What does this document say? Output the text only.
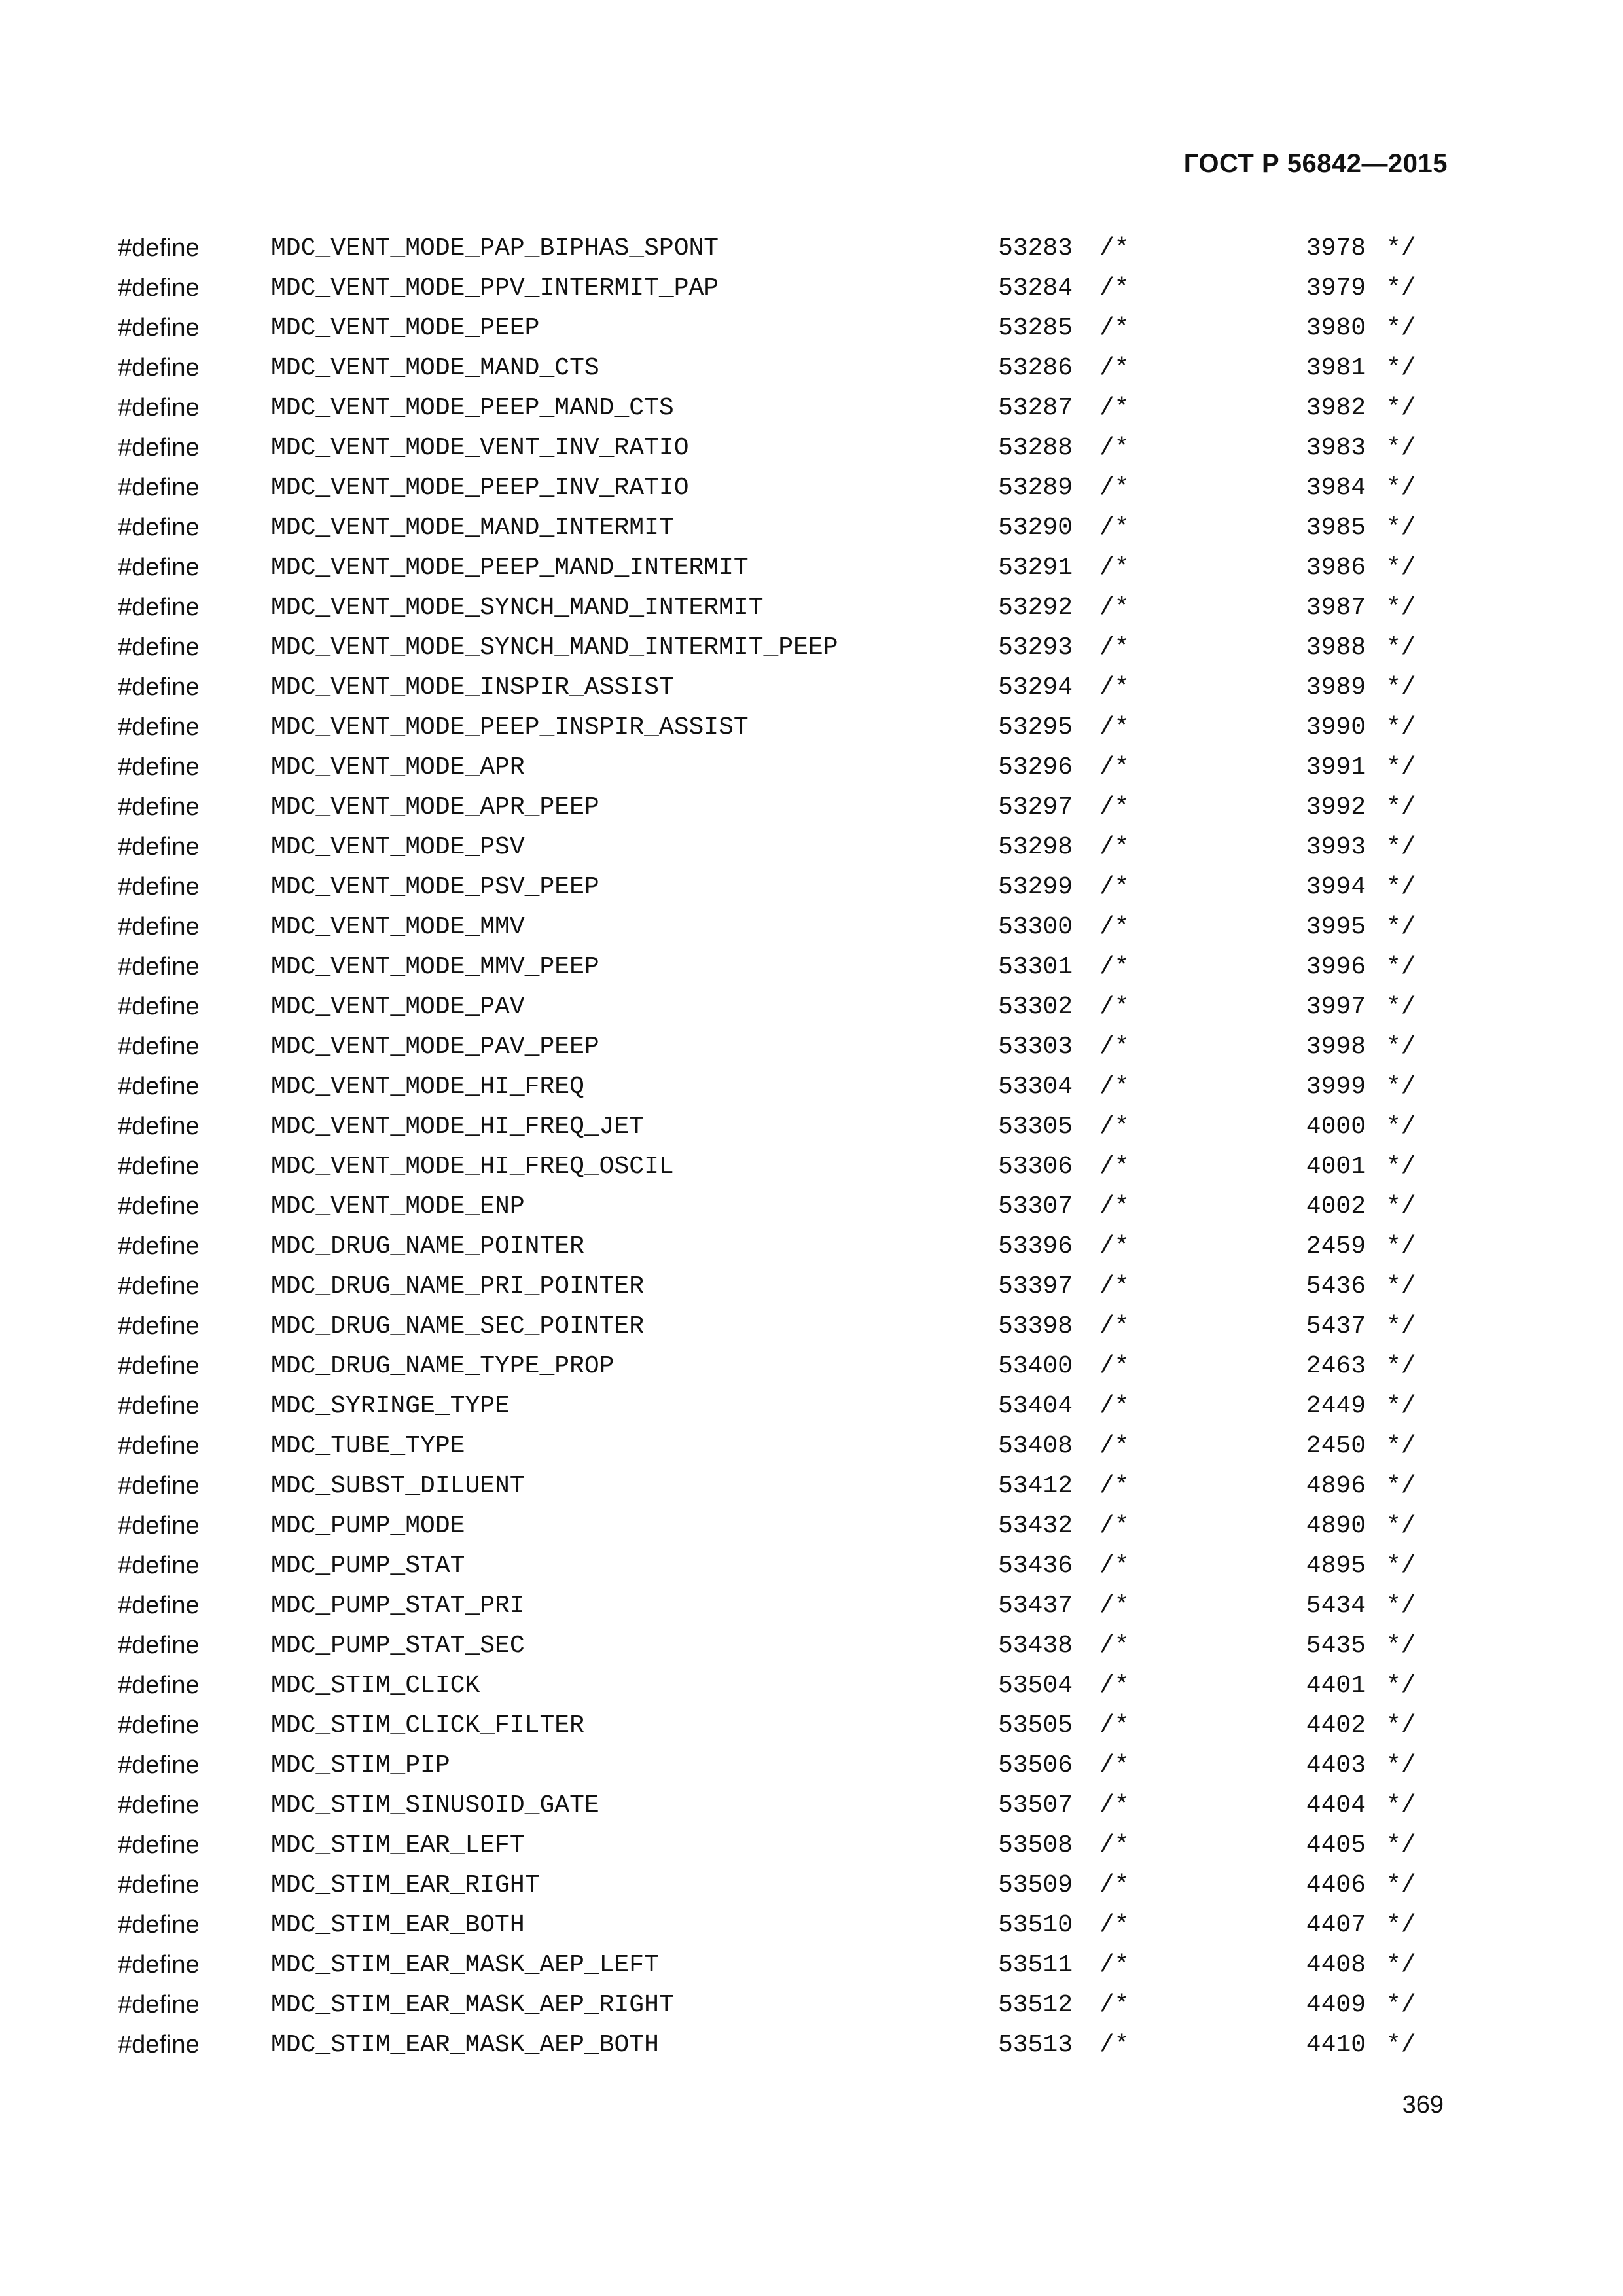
ГОСТ Р 56842—2015
#define	MDC_VENT_MODE_PAP_BIPHAS_SPONT	53283 /*	3978 */
#define	MDC_VENT_MODE_PPV_INTERMIT_PAP	53284 /*	3979 */
#define	MDC_VENT_MODE_PEEP	53285 /*	3980 */
#define	MDC_VENT_MODE_MAND_CTS	53286 /*	3981 */
#define	MDC_VENT_MODE_PEEP_MAND_CTS	53287 /*	3982 */
#define	MDC_VENT_MODE_VENT_INV_RATIO	53288 /*	3983 */
#define	MDC_VENT_MODE_PEEP_INV_RATIO	53289 /*	3984 */
#define	MDC_VENT_MODE_MAND_INTERMIT	53290 /*	3985 */
#define	MDC_VENT_MODE_PEEP_MAND_INTERMIT	53291 /*	3986 */
#define	MDC_VENT_MODE_SYNCH_MAND_INTERMIT	53292 /*	3987 */
#define	MDC_VENT_MODE_SYNCH_MAND_INTERMIT_PEEP	53293 /*	3988 */
#define	MDC_VENT_MODE_INSPIR_ASSIST	53294 /*	3989 */
#define	MDC_VENT_MODE_PEEP_INSPIR_ASSIST	53295 /*	3990 */
#define	MDC_VENT_MODE_APR	53296 /*	3991 */
#define	MDC_VENT_MODE_APR_PEEP	53297 /*	3992 */
#define	MDC_VENT_MODE_PSV	53298 /*	3993 */
#define	MDC_VENT_MODE_PSV_PEEP	53299 /*	3994 */
#define	MDC_VENT_MODE_MMV	53300 /*	3995 */
#define	MDC_VENT_MODE_MMV_PEEP	53301 /*	3996 */
#define	MDC_VENT_MODE_PAV	53302 /*	3997 */
#define	MDC_VENT_MODE_PAV_PEEP	53303 /*	3998 */
#define	MDC_VENT_MODE_HI_FREQ	53304 /*	3999 */
#define	MDC_VENT_MODE_HI_FREQ_JET	53305 /*	4000 */
#define	MDC_VENT_MODE_HI_FREQ_OSCIL	53306 /*	4001 */
#define	MDC_VENT_MODE_ENP	53307 /*	4002 */
#define	MDC_DRUG_NAME_POINTER	53396 /*	2459 */
#define	MDC_DRUG_NAME_PRI_POINTER	53397 /*	5436 */
#define	MDC_DRUG_NAME_SEC_POINTER	53398 /*	5437 */
#define	MDC_DRUG_NAME_TYPE_PROP	53400 /*	2463 */
#define	MDC_SYRINGE_TYPE	53404 /*	2449 */
#define	MDC_TUBE_TYPE	53408 /*	2450 */
#define	MDC_SUBST_DILUENT	53412 /*	4896 */
#define	MDC_PUMP_MODE	53432 /*	4890 */
#define	MDC_PUMP_STAT	53436 /*	4895 */
#define	MDC_PUMP_STAT_PRI	53437 /*	5434 */
#define	MDC_PUMP_STAT_SEC	53438 /*	5435 */
#define	MDC_STIM_CLICK	53504 /*	4401 */
#define	MDC_STIM_CLICK_FILTER	53505 /*	4402 */
#define	MDC_STIM_PIP	53506 /*	4403 */
#define	MDC_STIM_SINUSOID_GATE	53507 /*	4404 */
#define	MDC_STIM_EAR_LEFT	53508 /*	4405 */
#define	MDC_STIM_EAR_RIGHT	53509 /*	4406 */
#define	MDC_STIM_EAR_BOTH	53510 /*	4407 */
#define	MDC_STIM_EAR_MASK_AEP_LEFT	53511 /*	4408 */
#define	MDC_STIM_EAR_MASK_AEP_RIGHT	53512 /*	4409 */
#define	MDC_STIM_EAR_MASK_AEP_BOTH	53513 /*	4410 */
369
